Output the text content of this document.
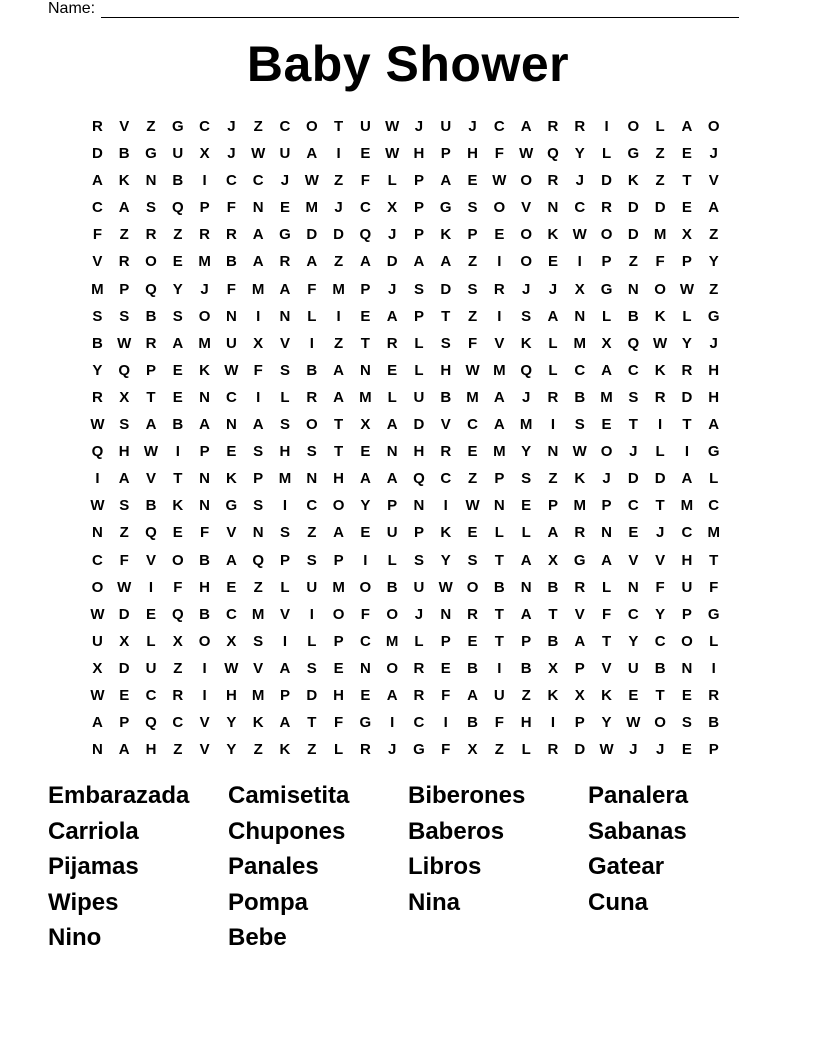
Name:
Baby Shower
R	V	Z	G	C	J	Z	C	O	T	U W	J	U	J	C	A	R	R	I	O	L	A	O
D	B	G	U	X	J	W U	A	I	E W H	P	H	F	W Q	Y	L	G	Z	E	J
A	K	N	B	I	C	C	J	W	Z	F	L	P	A	E W O	R	J	D	K	Z	T	V
C	A	S	Q	P	F	N	E	M	J	C	X	P	G	S	O	V	N	C	R	D	D	E	A
F	Z	R	Z	R	R	A	G	D	D	Q	J	P	K	P	E	O	K W O	D	M	X	Z
V	R	O	E	M	B	A	R	A	Z	A	D	A	A	Z	I	O	E	I	P	Z	F	P	Y
M	P	Q	Y	J	F	M	A	F	M	P	J	S	D	S	R	J	J	X	G	N	O W	Z
S	S	B	S	O	N	I	N	L	I	E	A	P	T	Z	I	S	A	N	L	B	K	L	G
B W R	A	M	U	X	V	I	Z	T	R	L	S	F	V	K	L	M	X	Q W Y	J
Y	Q	P	E	K W	F	S	B	A	N	E	L	H W M Q	L	C	A	C	K	R	H
R	X	T	E	N	C	I	L	R	A	M	L	U	B	M	A	J	R	B	M	S	R	D	H
W S	A	B	A	N	A	S	O	T	X	A	D	V	C	A	M	I	S	E	T	I	T	A
Q	H W	I	P	E	S	H	S	T	E	N	H	R	E	M	Y	N W O	J	L	I	G
I	A	V	T	N	K	P	M	N	H	A	A	Q	C	Z	P	S	Z	K	J	D	D	A	L
W S	B	K	N	G	S	I	C	O	Y	P	N	I	W N	E	P	M	P	C	T	M	C
N	Z	Q	E	F	V	N	S	Z	A	E	U	P	K	E	L	L	A	R	N	E	J	C	M
C	F	V	O	B	A	Q	P	S	P	I	L	S	Y	S	T	A	X	G	A	V	V	H	T
O W	I	F	H	E	Z	L	U	M O	B	U W O	B	N	B	R	L	N	F	U	F
W D	E	Q	B	C	M	V	I	O	F	O	J	N	R	T	A	T	V	F	C	Y	P	G
U	X	L	X	O	X	S	I	L	P	C	M	L	P	E	T	P	B	A	T	Y	C	O	L
X	D	U	Z	I	W V	A	S	E	N	O	R	E	B	I	B	X	P	V	U	B	N	I
W E	C	R	I	H	M	P	D	H	E	A	R	F	A	U	Z	K	X	K	E	T	E	R
A	P	Q	C	V	Y	K	A	T	F	G	I	C	I	B	F	H	I	P	Y W O	S	B
N	A	H	Z	V	Y	Z	K	Z	L	R	J	G	F	X	Z	L	R	D W	J	J	E	P
Embarazada	Camisetita	Biberones	Panalera
Carriola	Chupones	Baberos	Sabanas
Pijamas	Panales	Libros	Gatear
Wipes	Pompa	Nina	Cuna
Nino	Bebe
